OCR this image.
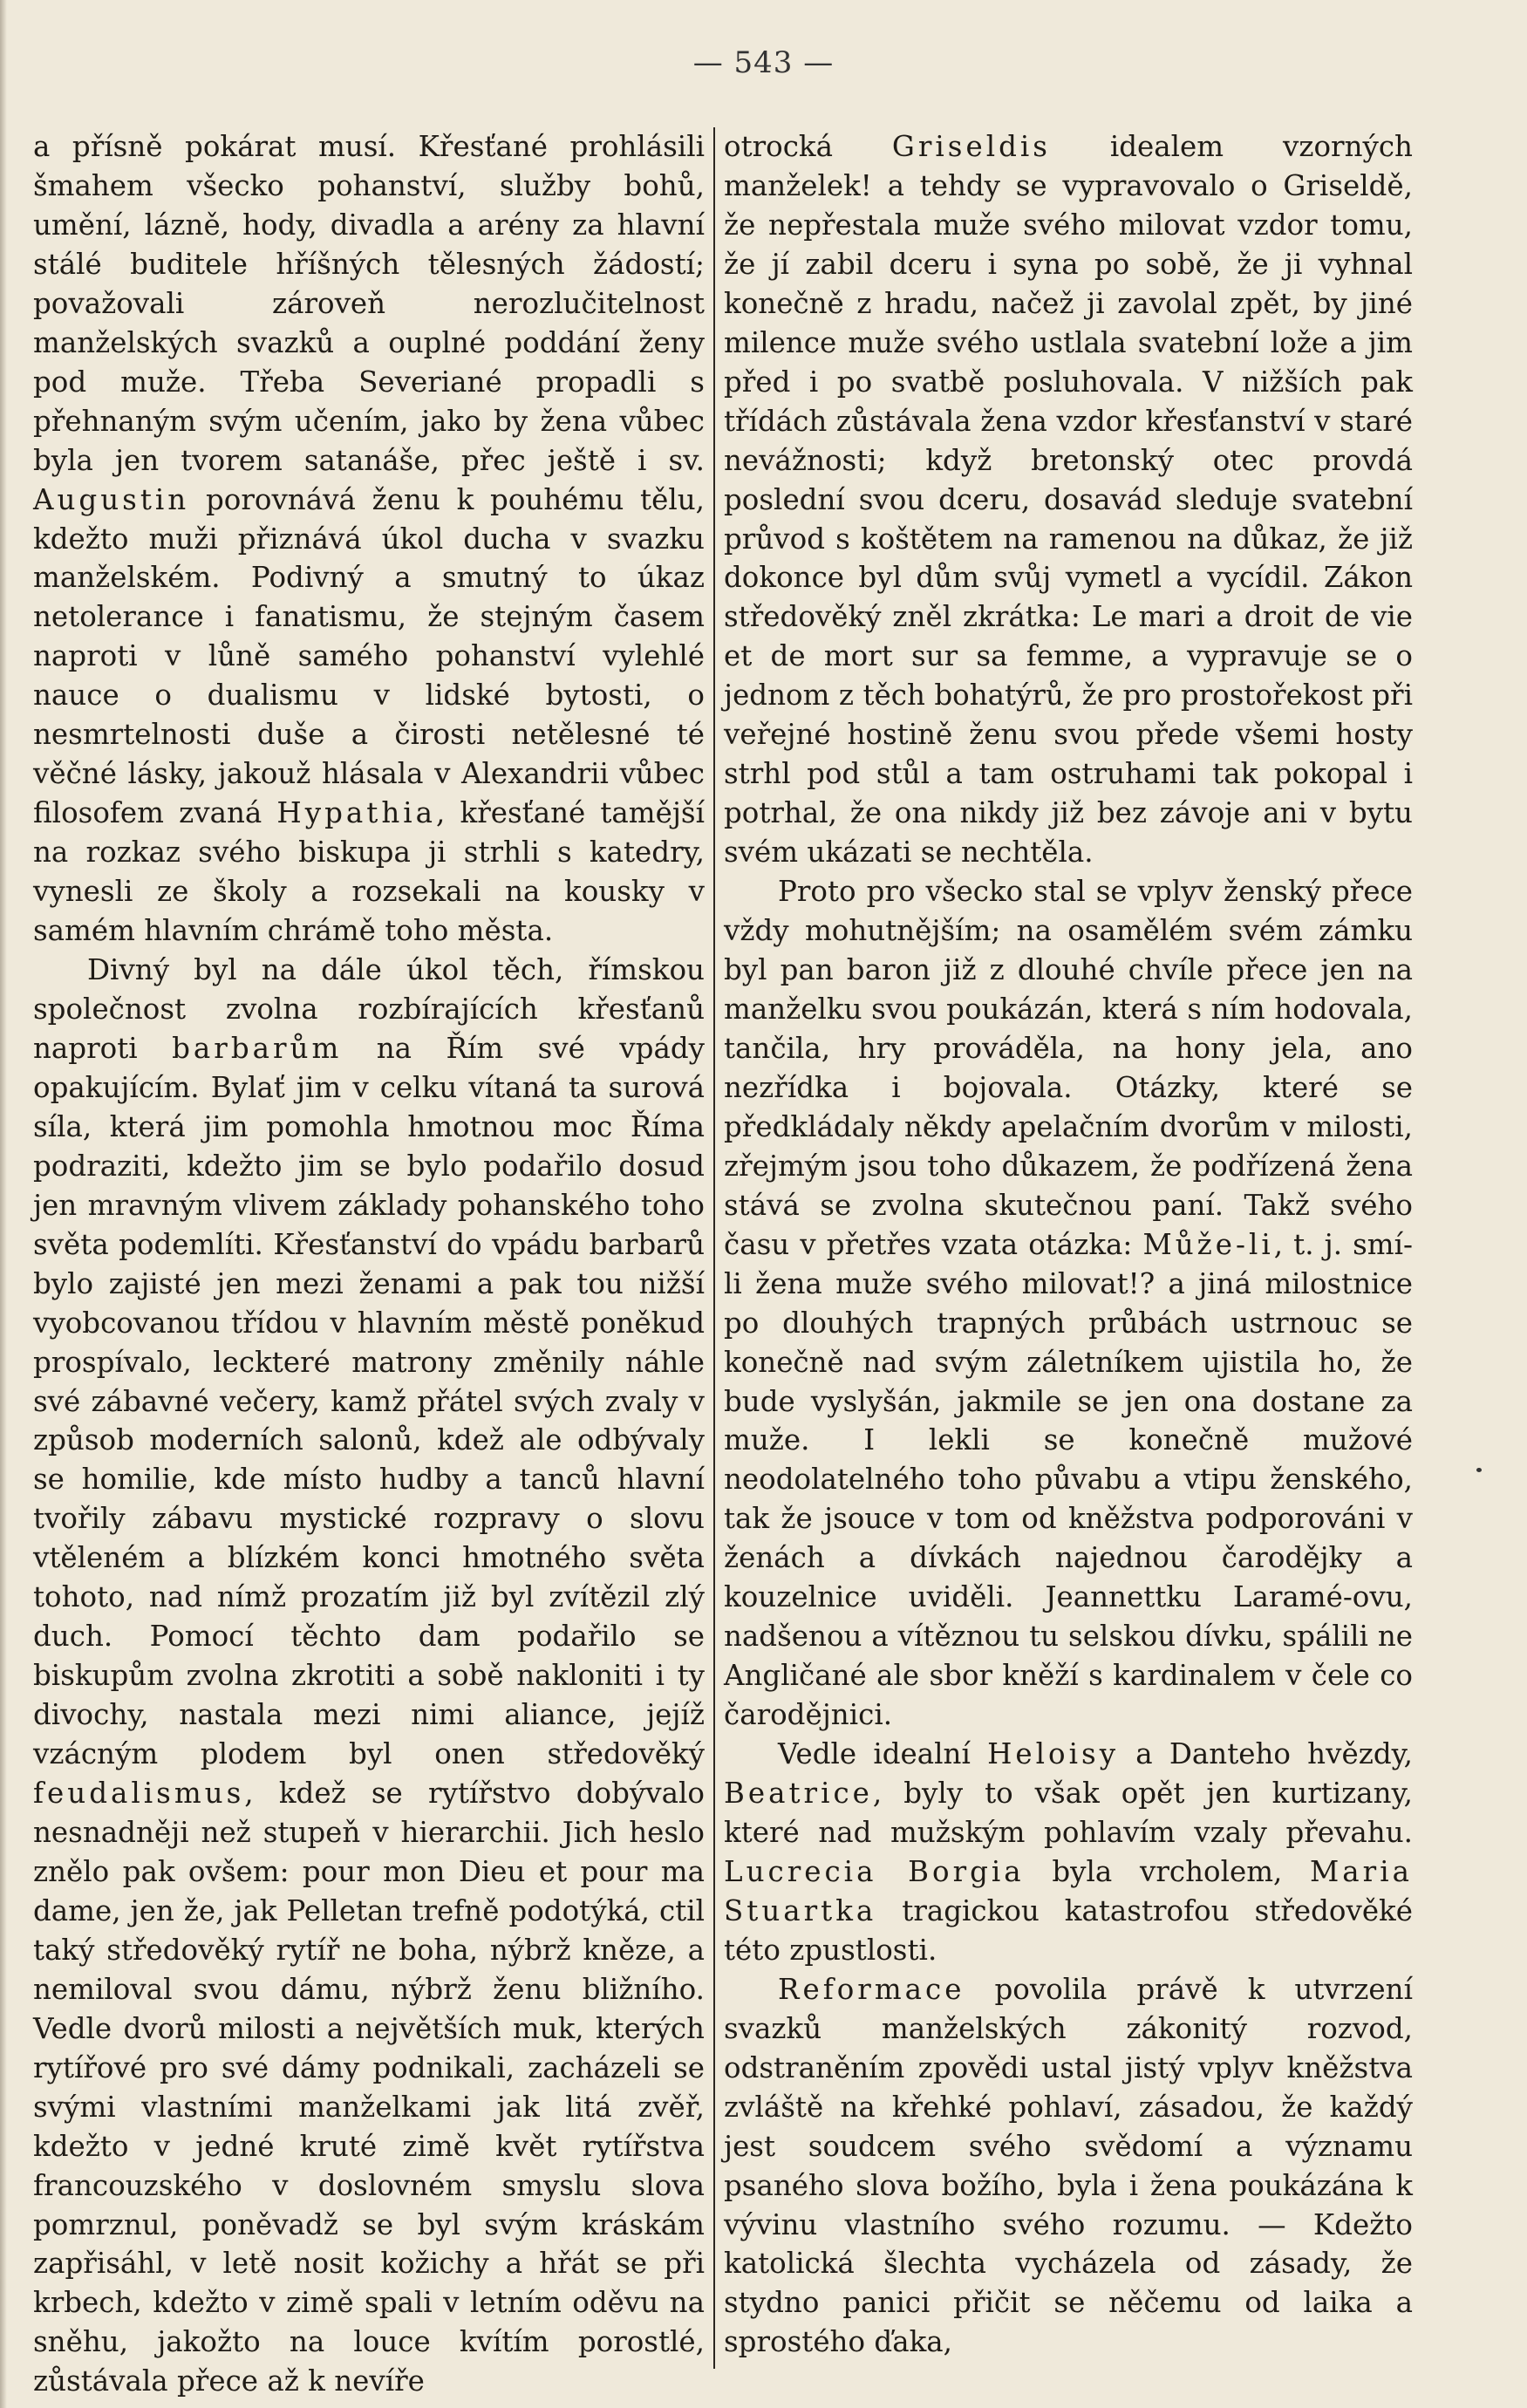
— 543 —

a přísně pokárat musí. Křesťané prohlásili šmahem všecko pohanství, služby bohů, umění, lázně, hody, divadla a arény za hlavní stálé buditele hříšných tělesných žádostí; považovali zároveň nerozlučitelnost manželských svazků a ouplné poddání ženy pod muže. Třeba Severiané propadli s přehnaným svým učením, jako by žena vůbec byla jen tvorem satanáše, přec ještě i sv. Augustin porovnává ženu k pouhému tělu, kdežto muži přiznává úkol ducha v svazku manželském. Podivný a smutný to úkaz netolerance i fanatismu, že stejným časem naproti v lůně samého pohanství vylehlé nauce o dualismu v lidské bytosti, o nesmrtelnosti duše a čirosti netělesné té věčné lásky, jakouž hlásala v Alexandrii vůbec filosofem zvaná Hypathia, křesťané tamější na rozkaz svého biskupa ji strhli s katedry, vynesli ze školy a rozsekali na kousky v samém hlavním chrámě toho města.

Divný byl na dále úkol těch, římskou společnost zvolna rozbírajících křesťanů naproti barbarům na Řím své vpády opakujícím. Bylať jim v celku vítaná ta surová síla, která jim pomohla hmotnou moc Říma podraziti, kdežto jim se bylo podařilo dosud jen mravným vlivem základy pohanského toho světa podemlíti. Křesťanství do vpádu barbarů bylo zajisté jen mezi ženami a pak tou nižší vyobcovanou třídou v hlavním městě poněkud prospívalo, leckteré matrony změnily náhle své zábavné večery, kamž přátel svých zvaly v způsob moderních salonů, kdež ale odbývaly se homilie, kde místo hudby a tanců hlavní tvořily zábavu mystické rozpravy o slovu vtěleném a blízkém konci hmotného světa tohoto, nad nímž prozatím již byl zvítězil zlý duch. Pomocí těchto dam podařilo se biskupům zvolna zkrotiti a sobě nakloniti i ty divochy, nastala mezi nimi aliance, jejíž vzácným plodem byl onen středověký feudalismus, kdež se rytířstvo dobývalo nesnadněji než stupeň v hierarchii. Jich heslo znělo pak ovšem: pour mon Dieu et pour ma dame, jen že, jak Pelletan trefně podotýká, ctil taký středověký rytíř ne boha, nýbrž kněze, a nemiloval svou dámu, nýbrž ženu bližního. Vedle dvorů milosti a největších muk, kterých rytířové pro své dámy podnikali, zacházeli se svými vlastními manželkami jak litá zvěř, kdežto v jedné kruté zimě květ rytířstva francouzského v doslovném smyslu slova pomrznul, poněvadž se byl svým kráskám zapřisáhl, v letě nosit kožichy a hřát se při krbech, kdežto v zimě spali v letním oděvu na sněhu, jakožto na louce kvítím porostlé, zůstávala přece až k nevíře

otrocká Griseldis idealem vzorných manželek! a tehdy se vypravovalo o Griseldě, že nepřestala muže svého milovat vzdor tomu, že jí zabil dceru i syna po sobě, že ji vyhnal konečně z hradu, načež ji zavolal zpět, by jiné milence muže svého ustlala svatební lože a jim před i po svatbě posluhovala. V nižších pak třídách zůstávala žena vzdor křesťanství v staré nevážnosti; když bretonský otec provdá poslední svou dceru, dosavád sleduje svatební průvod s koštětem na ramenou na důkaz, že již dokonce byl dům svůj vymetl a vycídil. Zákon středověký zněl zkrátka: Le mari a droit de vie et de mort sur sa femme, a vypravuje se o jednom z těch bohatýrů, že pro prostořekost při veřejné hostině ženu svou přede všemi hosty strhl pod stůl a tam ostruhami tak pokopal i potrhal, že ona nikdy již bez závoje ani v bytu svém ukázati se nechtěla.

Proto pro všecko stal se vplyv ženský přece vždy mohutnějším; na osamělém svém zámku byl pan baron již z dlouhé chvíle přece jen na manželku svou poukázán, která s ním hodovala, tančila, hry prováděla, na hony jela, ano nezřídka i bojovala. Otázky, které se předkládaly někdy apelačním dvorům v milosti, zřejmým jsou toho důkazem, že podřízená žena stává se zvolna skutečnou paní. Takž svého času v přetřes vzata otázka: Může-li, t. j. smí-li žena muže svého milovat!? a jiná milostnice po dlouhých trapných průbách ustrnouc se konečně nad svým záletníkem ujistila ho, že bude vyslyšán, jakmile se jen ona dostane za muže. I lekli se konečně mužové neodolatelného toho půvabu a vtipu ženského, tak že jsouce v tom od kněžstva podporováni v ženách a dívkách najednou čarodějky a kouzelnice uviděli. Jeannettku Laramé-ovu, nadšenou a vítěznou tu selskou dívku, spálili ne Angličané ale sbor kněží s kardinalem v čele co čarodějnici.

Vedle idealní Heloisy a Danteho hvězdy, Beatrice, byly to však opět jen kurtizany, které nad mužským pohlavím vzaly převahu. Lucrecia Borgia byla vrcholem, Maria Stuartka tragickou katastrofou středověké této zpustlosti.

Reformace povolila právě k utvrzení svazků manželských zákonitý rozvod, odstraněním zpovědi ustal jistý vplyv kněžstva zvláště na křehké pohlaví, zásadou, že každý jest soudcem svého svědomí a významu psaného slova božího, byla i žena poukázána k vývinu vlastního svého rozumu. — Kdežto katolická šlechta vycházela od zásady, že stydno panici přičit se něčemu od laika a sprostého ďaka,
